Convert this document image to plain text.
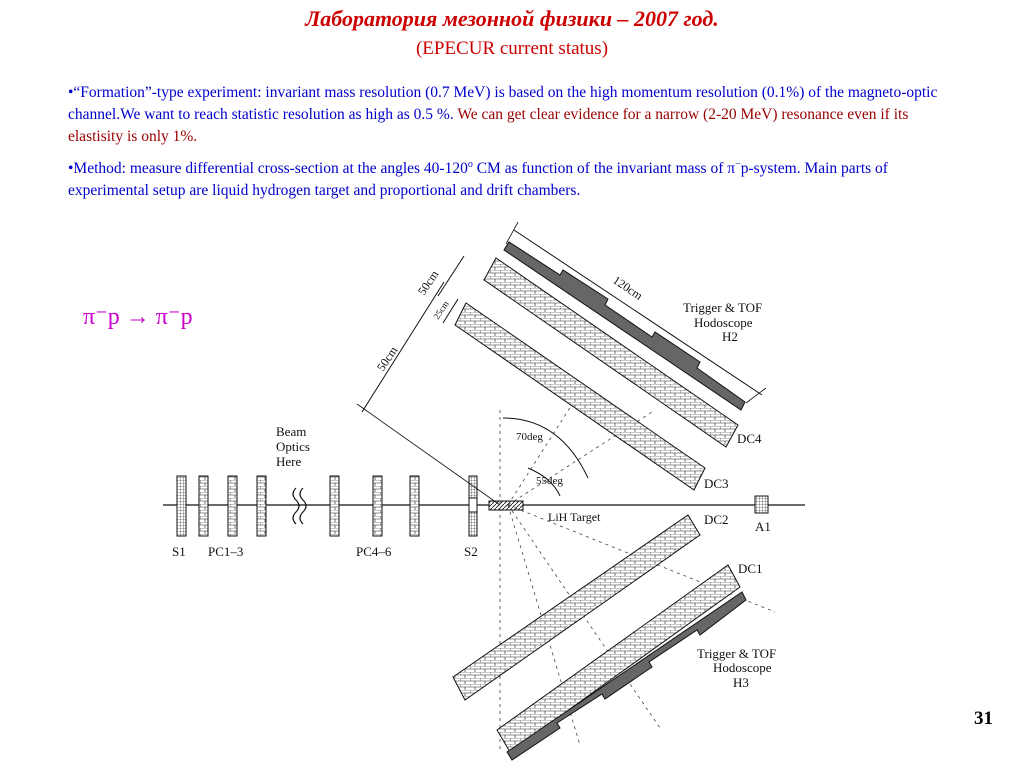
120cm
50cm
25cm
50cm
S1 PC1–3	PC4–6	S2
Beam
Optics
Here
LiH Target
A1
DC4
DC3
DC2
DC1
70deg
55deg
Trigger & TOF
Hodoscope
H2
Trigger & TOF
Hodoscope
H3
Лаборатория мезонной физики – 2007 год.
(EPECUR current status)

•“Formation”-type experiment: invariant mass resolution (0.7 MeV) is based on the high momentum resolution (0.1%) of the magneto-optic channel.We want to reach statistic resolution as high as 0.5 %. We can get clear evidence for a narrow (2-20 MeV) resonance even if its elastisity is only 1%.

•Method: measure differential cross-section at the angles 40-120$^o$ CM as function of the invariant mass of π−p-system. Main parts of experimental setup are liquid hydrogen target and proportional and drift chambers.

π⁻p → π⁻p
31
